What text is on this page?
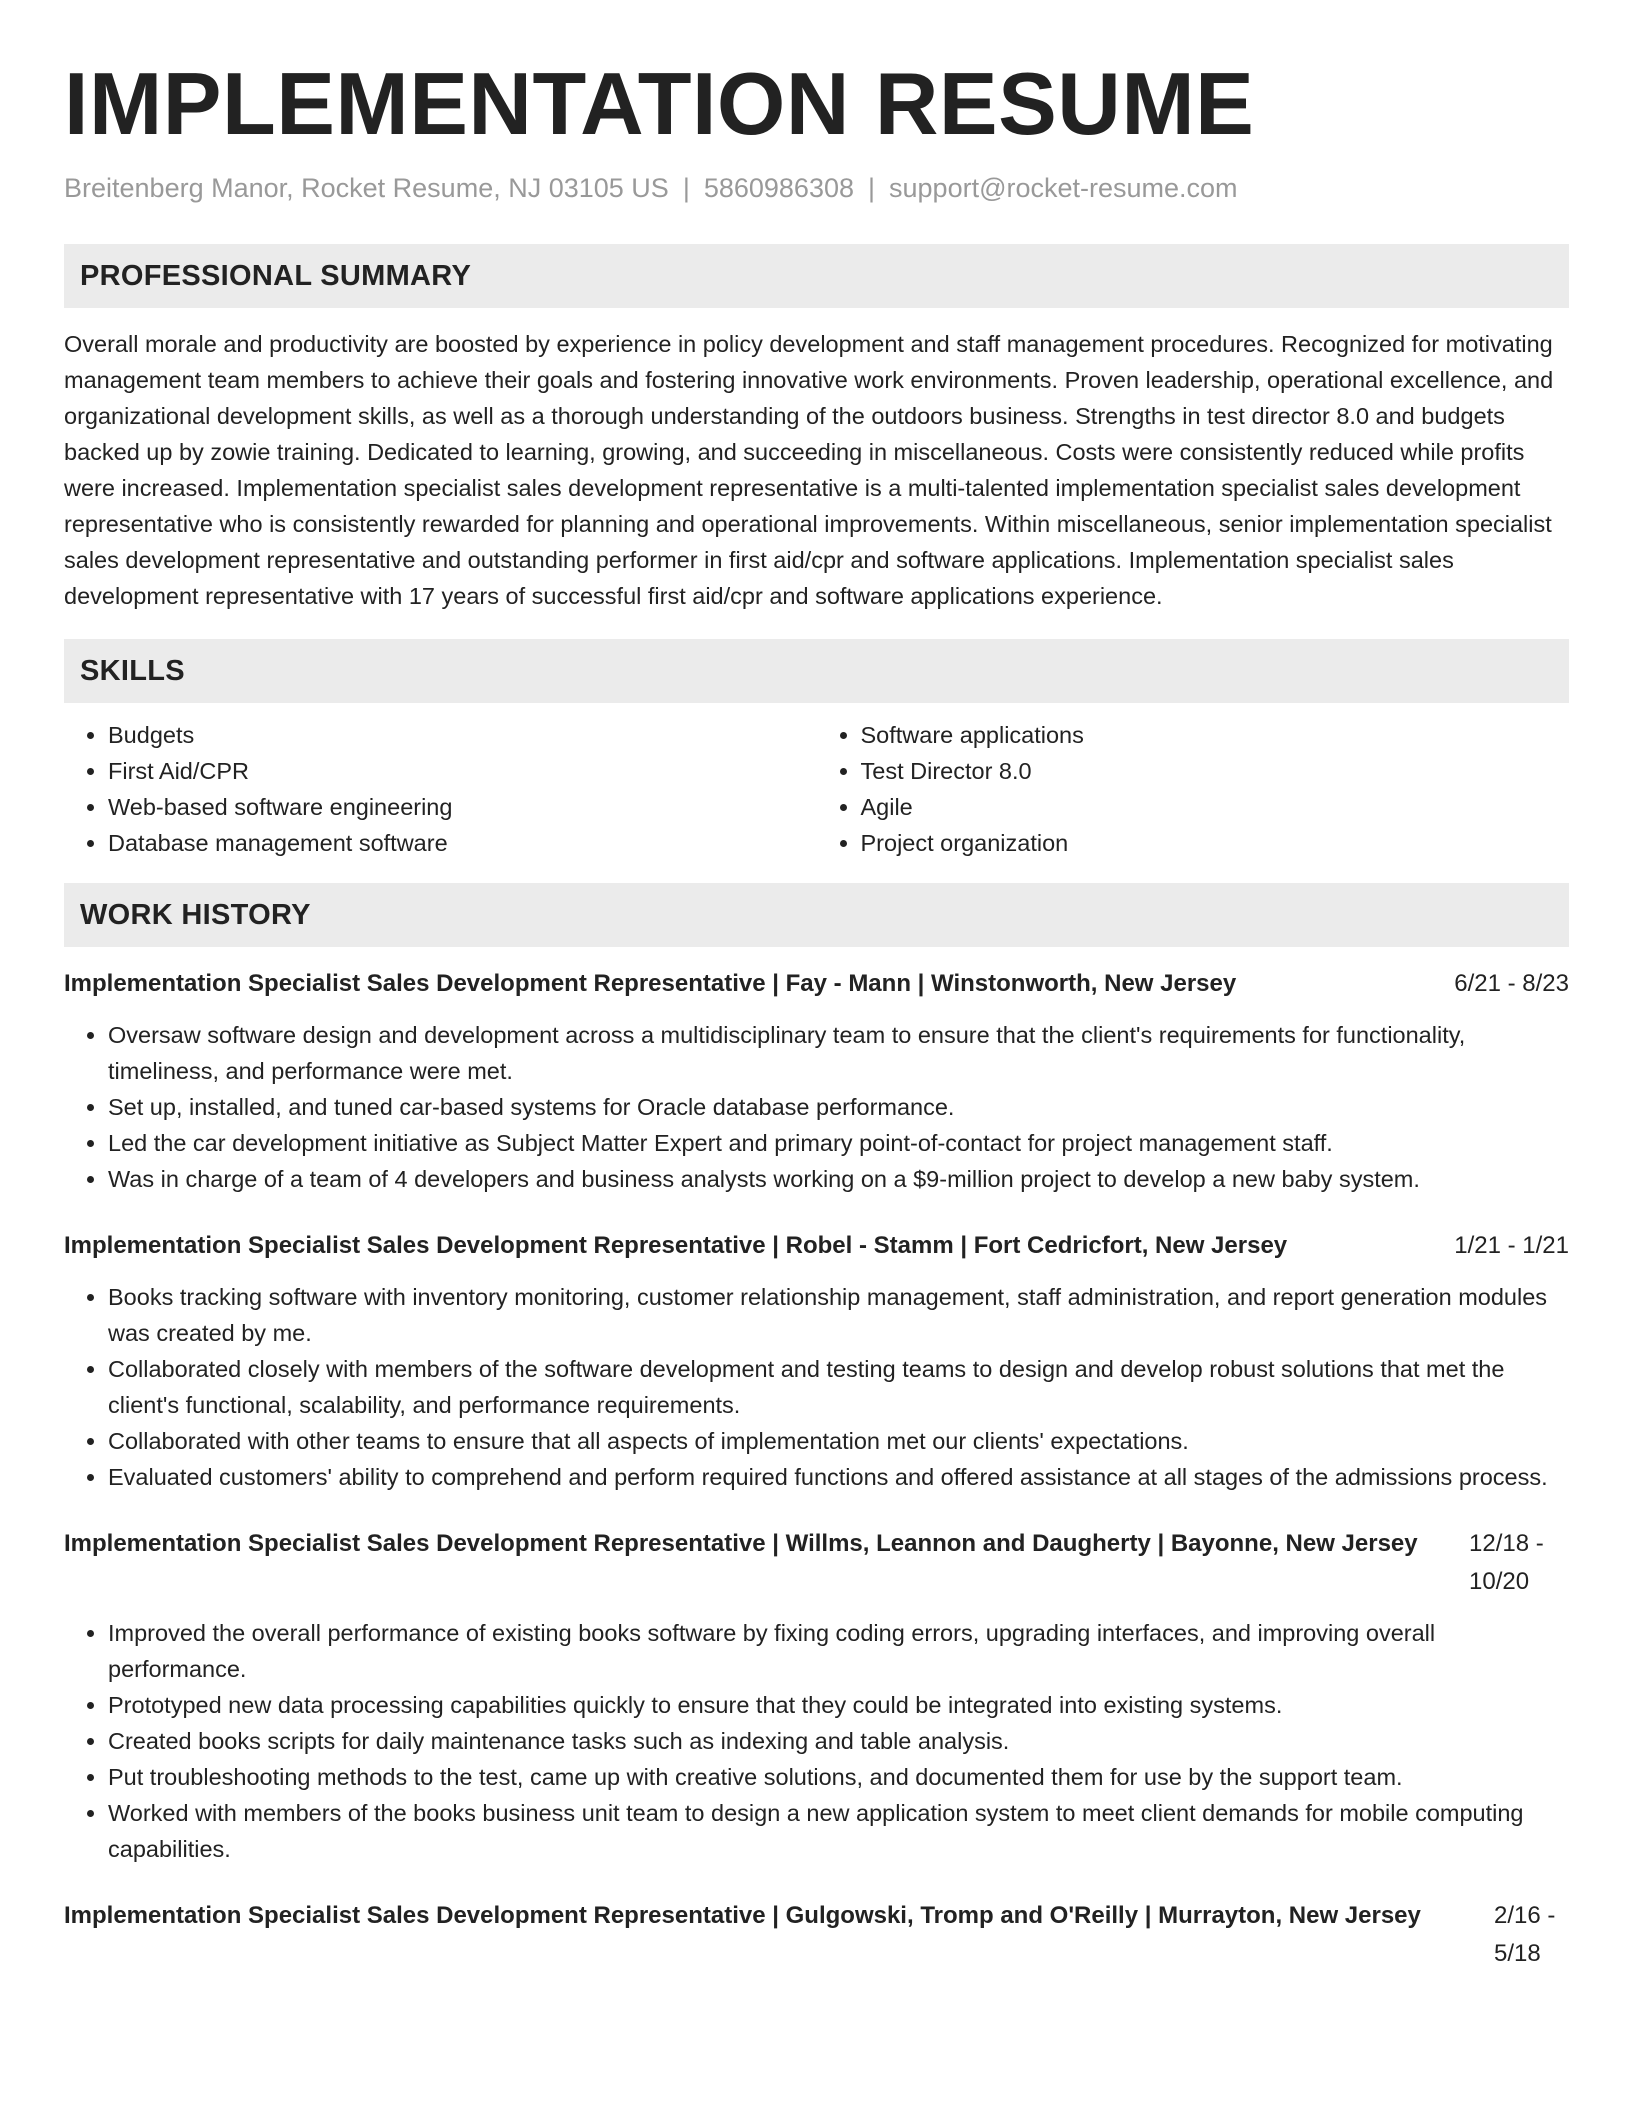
IMPLEMENTATION RESUME
Breitenberg Manor, Rocket Resume, NJ 03105 US | 5860986308 | support@rocket-resume.com
PROFESSIONAL SUMMARY

Overall morale and productivity are boosted by experience in policy development and staff management procedures. Recognized for motivating management team members to achieve their goals and fostering innovative work environments. Proven leadership, operational excellence, and organizational development skills, as well as a thorough understanding of the outdoors business. Strengths in test director 8.0 and budgets backed up by zowie training. Dedicated to learning, growing, and succeeding in miscellaneous. Costs were consistently reduced while profits were increased. Implementation specialist sales development representative is a multi-talented implementation specialist sales development representative who is consistently rewarded for planning and operational improvements. Within miscellaneous, senior implementation specialist sales development representative and outstanding performer in first aid/cpr and software applications. Implementation specialist sales development representative with 17 years of successful first aid/cpr and software applications experience.

SKILLS
• Budgets
• First Aid/CPR
• Web-based software engineering
• Database management software
• Software applications
• Test Director 8.0
• Agile
• Project organization
WORK HISTORY
Implementation Specialist Sales Development Representative | Fay - Mann | Winstonworth, New Jersey	6/21 - 8/23
• Oversaw software design and development across a multidisciplinary team to ensure that the client's requirements for functionality, timeliness, and performance were met.
• Set up, installed, and tuned car-based systems for Oracle database performance.
• Led the car development initiative as Subject Matter Expert and primary point-of-contact for project management staff.
• Was in charge of a team of 4 developers and business analysts working on a $9-million project to develop a new baby system.
Implementation Specialist Sales Development Representative | Robel - Stamm | Fort Cedricfort, New Jersey	1/21 - 1/21
• Books tracking software with inventory monitoring, customer relationship management, staff administration, and report generation modules was created by me.
• Collaborated closely with members of the software development and testing teams to design and develop robust solutions that met the client's functional, scalability, and performance requirements.
• Collaborated with other teams to ensure that all aspects of implementation met our clients' expectations.
• Evaluated customers' ability to comprehend and perform required functions and offered assistance at all stages of the admissions process.
Implementation Specialist Sales Development Representative | Willms, Leannon and Daugherty | Bayonne, New Jersey	12/18 - 10/20
• Improved the overall performance of existing books software by fixing coding errors, upgrading interfaces, and improving overall performance.
• Prototyped new data processing capabilities quickly to ensure that they could be integrated into existing systems.
• Created books scripts for daily maintenance tasks such as indexing and table analysis.
• Put troubleshooting methods to the test, came up with creative solutions, and documented them for use by the support team.
• Worked with members of the books business unit team to design a new application system to meet client demands for mobile computing capabilities.
Implementation Specialist Sales Development Representative | Gulgowski, Tromp and O'Reilly | Murrayton, New Jersey	2/16 - 5/18
